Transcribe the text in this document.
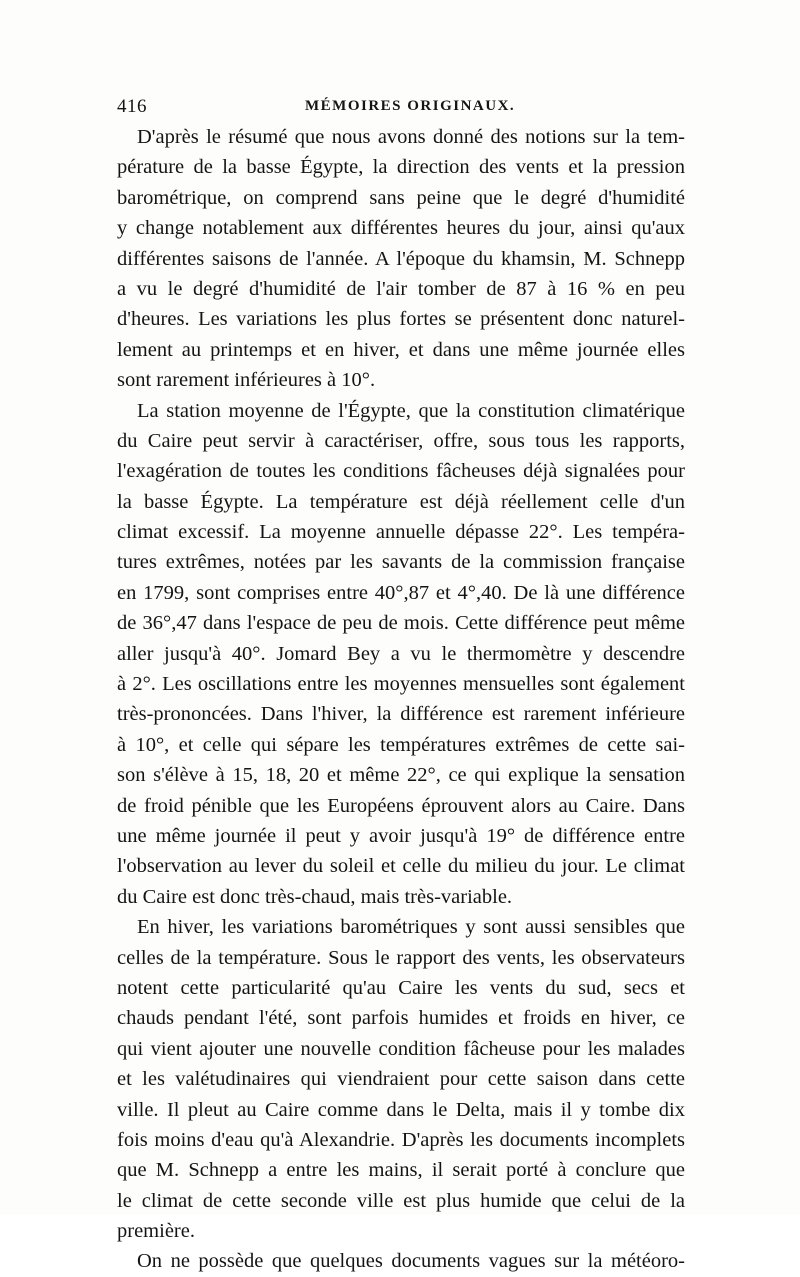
416	MÉMOIRES ORIGINAUX.
D'après le résumé que nous avons donné des notions sur la tem-
pérature de la basse Égypte, la direction des vents et la pression
barométrique, on comprend sans peine que le degré d'humidité
y change notablement aux différentes heures du jour, ainsi qu'aux
différentes saisons de l'année. A l'époque du khamsin, M. Schnepp
a vu le degré d'humidité de l'air tomber de 87 à 16 % en peu
d'heures. Les variations les plus fortes se présentent donc naturel-
lement au printemps et en hiver, et dans une même journée elles
sont rarement inférieures à 10°.
La station moyenne de l'Égypte, que la constitution climatérique
du Caire peut servir à caractériser, offre, sous tous les rapports,
l'exagération de toutes les conditions fâcheuses déjà signalées pour
la basse Égypte. La température est déjà réellement celle d'un
climat excessif. La moyenne annuelle dépasse 22°. Les tempéra-
tures extrêmes, notées par les savants de la commission française
en 1799, sont comprises entre 40°,87 et 4°,40. De là une différence
de 36°,47 dans l'espace de peu de mois. Cette différence peut même
aller jusqu'à 40°. Jomard Bey a vu le thermomètre y descendre
à 2°. Les oscillations entre les moyennes mensuelles sont également
très-prononcées. Dans l'hiver, la différence est rarement inférieure
à 10°, et celle qui sépare les températures extrêmes de cette sai-
son s'élève à 15, 18, 20 et même 22°, ce qui explique la sensation
de froid pénible que les Européens éprouvent alors au Caire. Dans
une même journée il peut y avoir jusqu'à 19° de différence entre
l'observation au lever du soleil et celle du milieu du jour. Le climat
du Caire est donc très-chaud, mais très-variable.
En hiver, les variations barométriques y sont aussi sensibles que
celles de la température. Sous le rapport des vents, les observateurs
notent cette particularité qu'au Caire les vents du sud, secs et
chauds pendant l'été, sont parfois humides et froids en hiver, ce
qui vient ajouter une nouvelle condition fâcheuse pour les malades
et les valétudinaires qui viendraient pour cette saison dans cette
ville. Il pleut au Caire comme dans le Delta, mais il y tombe dix
fois moins d'eau qu'à Alexandrie. D'après les documents incomplets
que M. Schnepp a entre les mains, il serait porté à conclure que
le climat de cette seconde ville est plus humide que celui de la
première.
On ne possède que quelques documents vagues sur la météoro-
